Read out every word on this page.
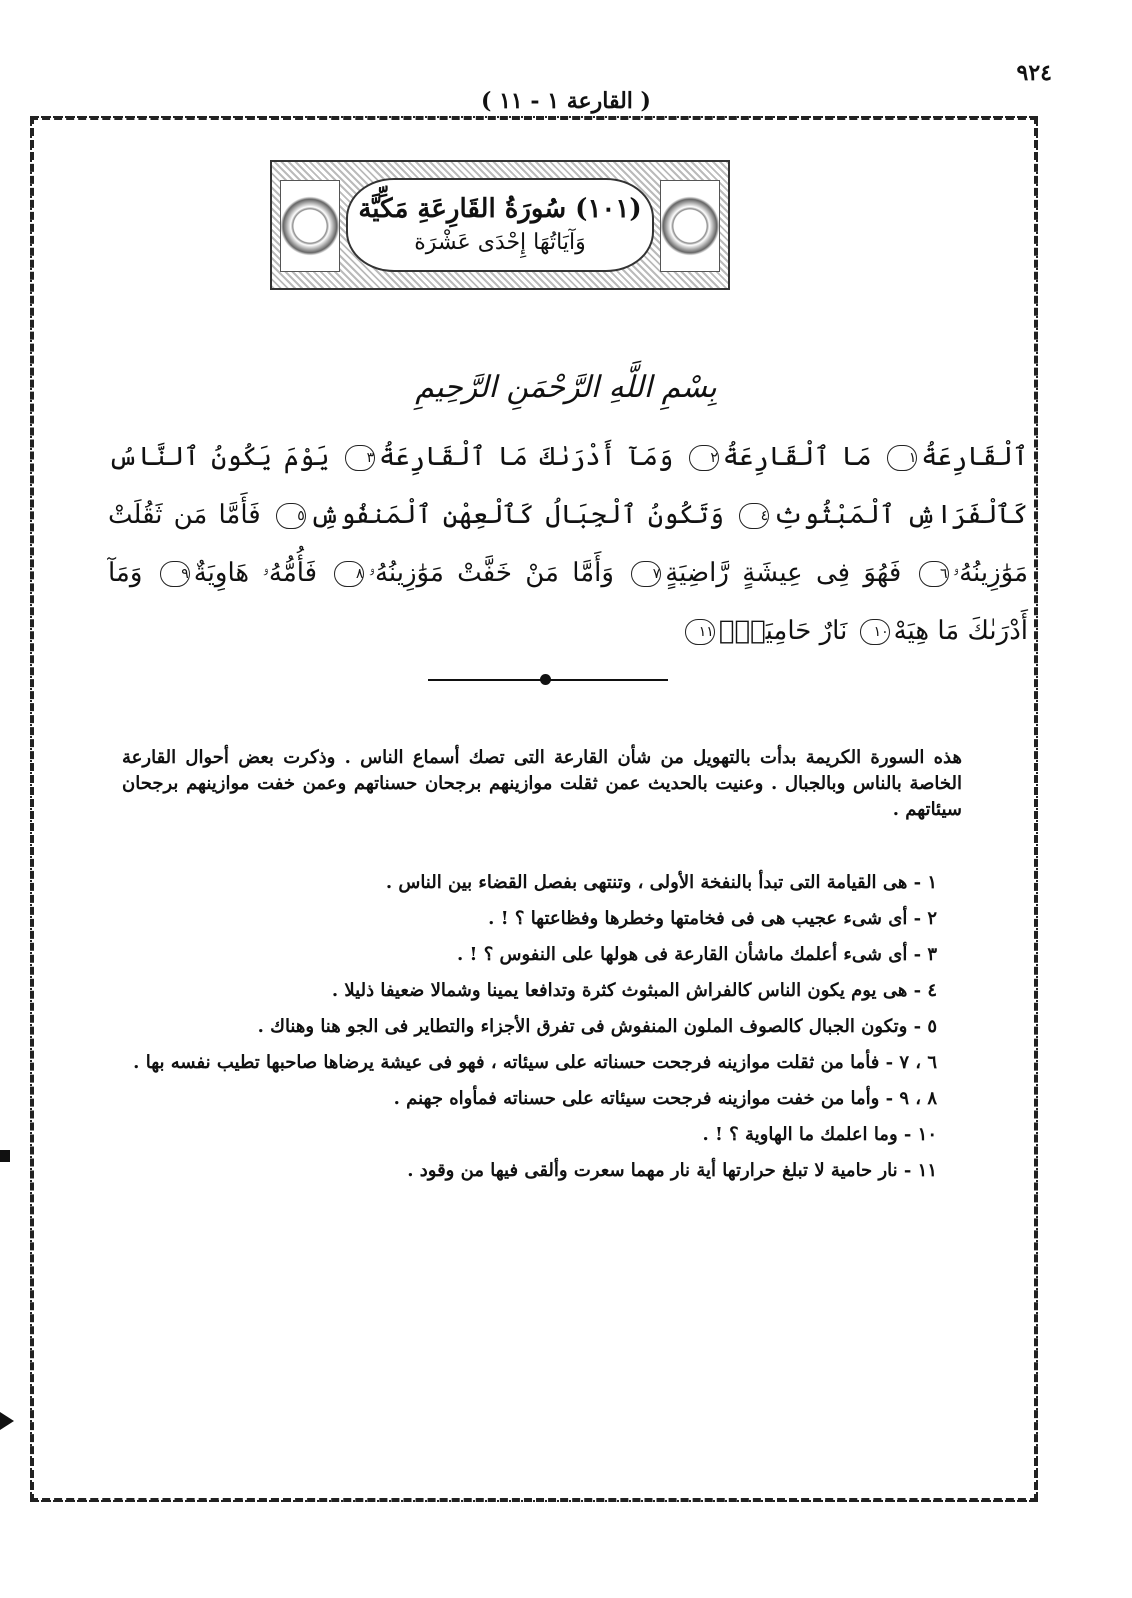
٩٢٤
( القارعة ١ - ١١ )
(١٠١) سُورَةُ القَارِعَةِ مَكِّيَّة
وَآيَاتُهَا إِحْدَى عَشْرَة
بِسْمِ اللَّهِ الرَّحْمَنِ الرَّحِيمِ
ٱلْقَارِعَةُ١ مَا ٱلْقَارِعَةُ٢ وَمَآ أَدْرَىٰكَ مَا ٱلْقَارِعَةُ٣ يَوْمَ يَكُونُ ٱلنَّاسُ كَٱلْفَرَاشِ ٱلْمَبْثُوثِ٤ وَتَكُونُ ٱلْجِبَالُ كَٱلْعِهْنِ ٱلْمَنفُوشِ٥ فَأَمَّا مَن ثَقُلَتْ مَوَٰزِينُهُۥ٦ فَهُوَ فِى عِيشَةٍ رَّاضِيَةٍ٧ وَأَمَّا مَنْ خَفَّتْ مَوَٰزِينُهُۥ٨ فَأُمُّهُۥ هَاوِيَةٌ٩ وَمَآ أَدْرَىٰكَ مَا هِيَهْ١٠ نَارٌ حَامِيَةٌۢ١١
هذه السورة الكريمة بدأت بالتهويل من شأن القارعة التى تصك أسماع الناس . وذكرت بعض أحوال القارعة الخاصة بالناس وبالجبال . وعنيت بالحديث عمن ثقلت موازينهم برجحان حسناتهم وعمن خفت موازينهم برجحان سيئاتهم .
١ - هى القيامة التى تبدأ بالنفخة الأولى ، وتنتهى بفصل القضاء بين الناس .
٢ - أى شىء عجيب هى فى فخامتها وخطرها وفظاعتها ؟ ! .
٣ - أى شىء أعلمك ماشأن القارعة فى هولها على النفوس ؟ ! .
٤ - هى يوم يكون الناس كالفراش المبثوث كثرة وتدافعا يمينا وشمالا ضعيفا ذليلا .
٥ - وتكون الجبال كالصوف الملون المنفوش فى تفرق الأجزاء والتطاير فى الجو هنا وهناك .
٦ ، ٧ - فأما من ثقلت موازينه فرجحت حسناته على سيئاته ، فهو فى عيشة يرضاها صاحبها تطيب نفسه بها .
٨ ، ٩ - وأما من خفت موازينه فرجحت سيئاته على حسناته فمأواه جهنم .
١٠ - وما اعلمك ما الهاوية ؟ ! .
١١ - نار حامية لا تبلغ حرارتها أية نار مهما سعرت وألقى فيها من وقود .
